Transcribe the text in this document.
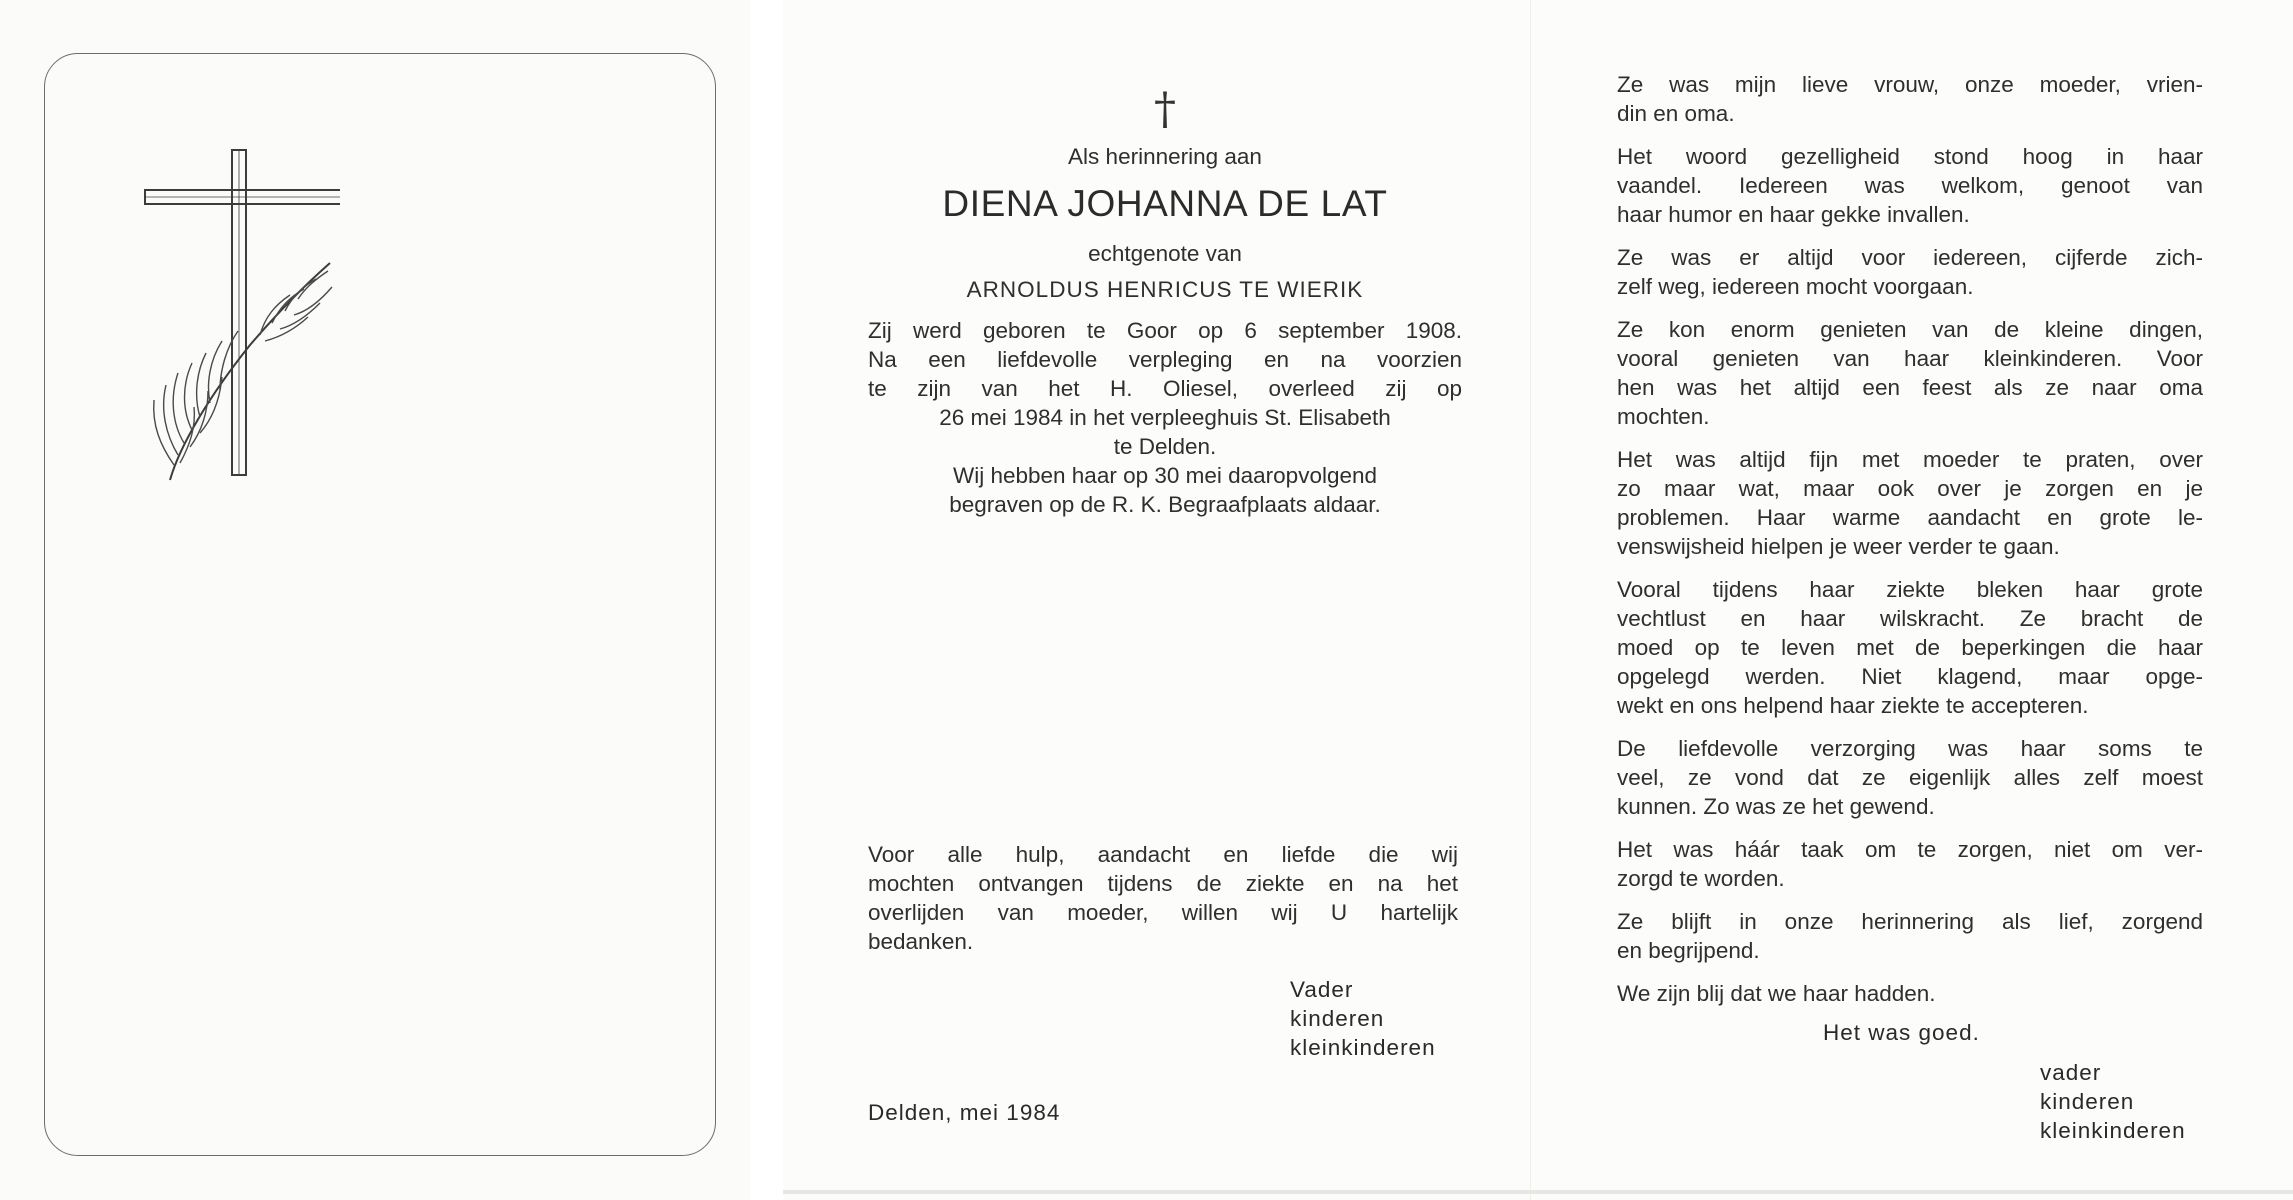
†
Als herinnering aan
DIENA JOHANNA DE LAT
echtgenote van
ARNOLDUS HENRICUS TE WIERIK
Zij werd geboren te Goor op 6 september 1908.
Na een liefdevolle verpleging en na voorzien
te zijn van het H. Oliesel, overleed zij op
26 mei 1984 in het verpleeghuis St. Elisabeth
te Delden.
Wij hebben haar op 30 mei daaropvolgend
begraven op de R. K. Begraafplaats aldaar.
Voor alle hulp, aandacht en liefde die wij
mochten ontvangen tijdens de ziekte en na het
overlijden van moeder, willen wij U hartelijk
bedanken.
Vader
kinderen
kleinkinderen
Delden, mei 1984
Ze was mijn lieve vrouw, onze moeder, vrien-
din en oma.
Het woord gezelligheid stond hoog in haar
vaandel. Iedereen was welkom, genoot van
haar humor en haar gekke invallen.
Ze was er altijd voor iedereen, cijferde zich-
zelf weg, iedereen mocht voorgaan.
Ze kon enorm genieten van de kleine dingen,
vooral genieten van haar kleinkinderen. Voor
hen was het altijd een feest als ze naar oma
mochten.
Het was altijd fijn met moeder te praten, over
zo maar wat, maar ook over je zorgen en je
problemen. Haar warme aandacht en grote le-
venswijsheid hielpen je weer verder te gaan.
Vooral tijdens haar ziekte bleken haar grote
vechtlust en haar wilskracht. Ze bracht de
moed op te leven met de beperkingen die haar
opgelegd werden. Niet klagend, maar opge-
wekt en ons helpend haar ziekte te accepteren.
De liefdevolle verzorging was haar soms te
veel, ze vond dat ze eigenlijk alles zelf moest
kunnen. Zo was ze het gewend.
Het was háár taak om te zorgen, niet om ver-
zorgd te worden.
Ze blijft in onze herinnering als lief, zorgend
en begrijpend.
We zijn blij dat we haar hadden.
Het was goed.
vader
kinderen
kleinkinderen
